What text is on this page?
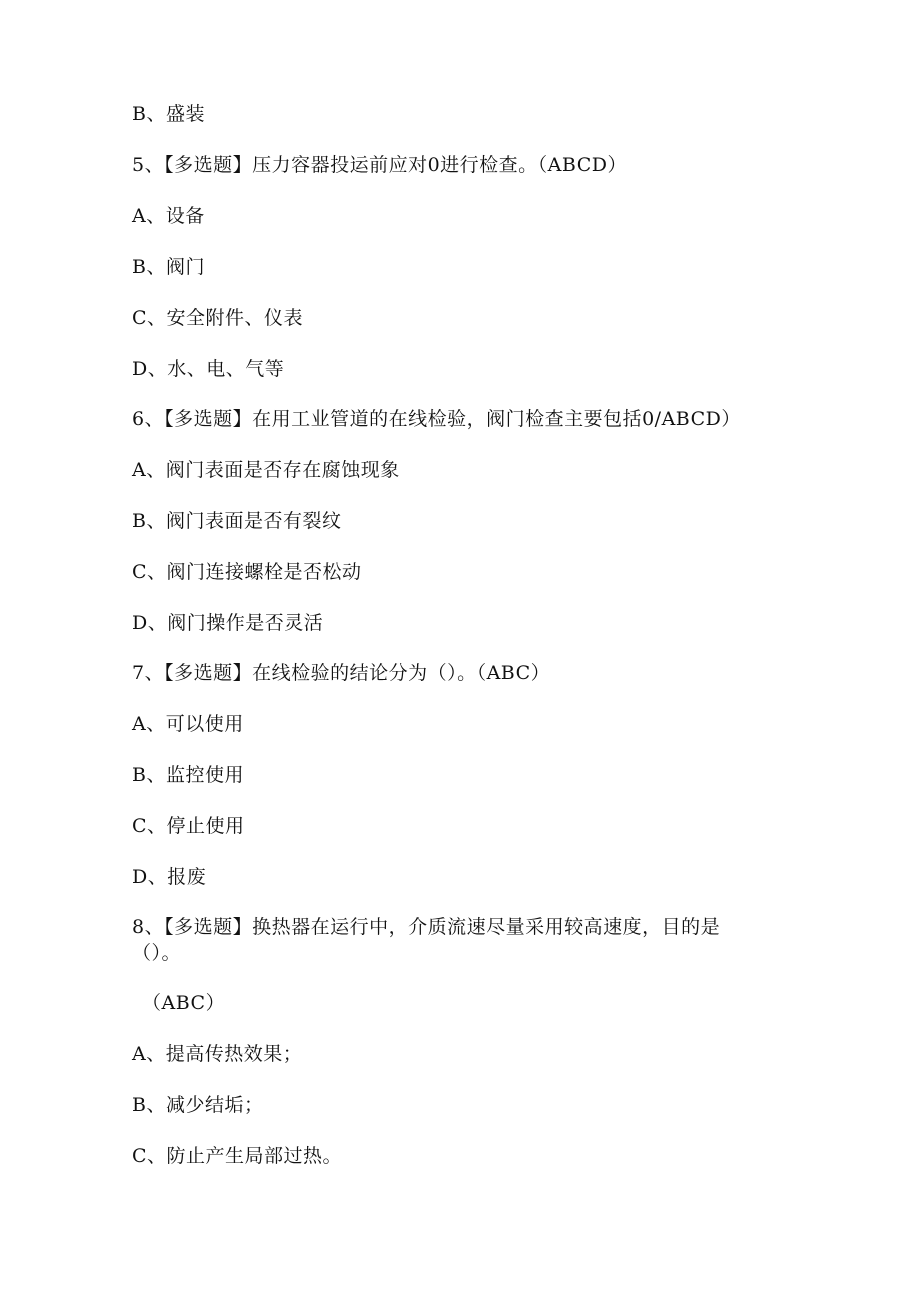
B、盛装
5、【多选题】压力容器投运前应对0进行检查。（ABCD）
A、设备
B、阀门
C、安全附件、仪表
D、水、电、气等
6、【多选题】在用工业管道的在线检验，阀门检查主要包括0/ABCD）
A、阀门表面是否存在腐蚀现象
B、阀门表面是否有裂纹
C、阀门连接螺栓是否松动
D、阀门操作是否灵活
7、【多选题】在线检验的结论分为（）。（ABC）
A、可以使用
B、监控使用
C、停止使用
D、报废
8、【多选题】换热器在运行中，介质流速尽量采用较高速度，目的是
（）。
（ABC）
A、提高传热效果；
B、减少结垢；
C、防止产生局部过热。
